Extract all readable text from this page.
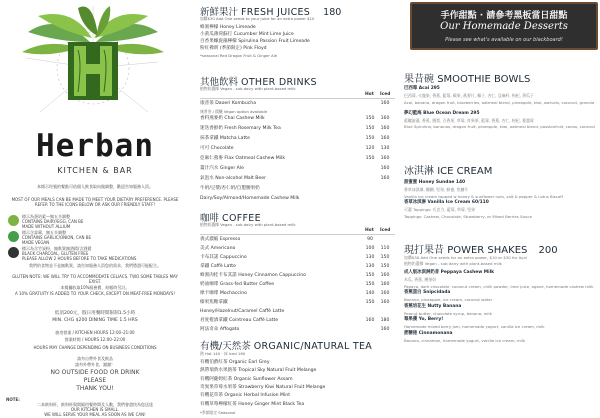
Herban
KITCHEN & BAR
本標示符號的餐點可依個人飲食取向做調整，歡迎告知服務人員。
MOST OF OUR MEALS CAN BE MADE TO MEET YOUR DIETARY PREFERENCE. PLEASE REFER TO THE ICONS BELOW OR ASK OUR FRIENDLY STAFF!
標示為蛋奶素—無五辛調整
CONTAINS DAIRY/EGG, CAN BE
MADE WITHOUT ALLIUM
標示含蒜葷，無五辛調整
CONTAINS GARLIC/ONION, CAN BE
MADE VEGAN
標示為含竹炭粉，無麩質無酒精/含酒精
BLACK CHARCOAL, GLUTEN FREE
PLEASE ALLOW 2 HOURS BEFORE TO TAKE MEDICATIONS
我們的食物並不是無麩質，請告知服務人員您的需求，我們將盡可能配合。
GLUTEN NOTE: WE WILL TRY TO ACCOMMODATE CELIACS. TWO SOME TABLES MAY EXIST.
本餐廳收取10%服務費，結帳時另計。
A 10% GRATUITY IS ADDED TO YOUR CHECK, EXCEPT ON MEAT-FREE MONDAYS!
低消200元，假日用餐時間限制1.5小時
MIN. CHG $200 DINING TIME 1.5 HRS
廚房營業 / KITCHEN HOURS 12:00–21:00
營業時間 / HOURS 12:00–22:00
HOURS MAY CHANGE DEPENDING ON BUSINESS CONDITIONS
請勿自帶外食及飲品
請勿外帶外食，謝謝！
NO OUTSIDE FOOD OR DRINK
PLEASE
THANK YOU!
NOTE:
二本飲料杯，飲料杯與間隔用餐時間及人數，我們會盡快為您送達
OUR KITCHEN IS SMALL.
WE WILL SERVE YOUR MEAL AS SOON AS WE CAN!
新鮮果汁 FRESH JUICES 180
加購$30 Add One seeds to your juice for an extra power $10
蜂蜜檸檬 Honey Limeade
小黃瓜薄荷蘇打 Cucumber Mint Lime Juice
百香果螺旋藻檸檬 Spirulina Passion Fruit Limeade
粉紅佛朗 (季節限定) Pink Floyd
*seasonal Red Dragon Fruit & Ginger Ale
其他飲料 OTHER DRINKS
植物奶選擇 Vegan - sub dairy with plant-based milk
Hot Iced
康普茶 Daoeri Kombucha	160
康普茶 / 精釀 Vegan option available
香料燕麥奶 Chai Cashew Milk	150	160
迷迭香鮮奶 Fresh Rosemary Milk Tea	150	160
抹茶拿鐵 Matcha Latte	150	160
可可 Chocolate	120	130
亞麻仁燕麥 Flax Oatmeal Cashew Milk	150	160
薑汁汽水 Ginger Ale	160
氣泡水 Non-alcohol Malt Beer	160
牛奶/豆漿/杏仁奶/自製腰果奶
Dairy/Soy/Almond/Homemade Cashew Milk
咖啡 COFFEE
植物奶選擇 Vegan - sub dairy with plant-based milk
Hot Iced
義式濃縮 Espresso	90
美式 Americano	100	110
卡布其諾 Cappuccino	130	150
拿鐵 Caffè Latte	130	150
蜂蜜肉桂卡布其諾 Honey Cinnamon Cappuccino	150	160
奶油咖啡 Grass-fed Butter Coffee	150	160
摩卡咖啡 Mochaccino	140	160
榛果焦糖拿鐵	150	160
Honey/Hazelnut/Caramel Caffè Latte
君度橙酒拿鐵 Cointreau Caffè Latte	160	180
阿法奇朵 Affogato	160
有機/天然茶 ORGANIC/NATURAL TEA
熱 Hot 140 · 冰 Iced 160
有機伯爵紅茶 Organic Earl Grey
熱帶瑞典水果熱茶 Tropical Sky Natural Fruit Melange
有機阿薩姆紅茶 Organic Sunflower Assam
奇異果草莓水果茶 Strawberry Kiwi Natural Fruit Melange
有機花草茶 Organic Herbal Infusion Mint
有機草莓檸檬紅茶 Honey Ginger Mint Black Tea
*季節限定 Seasonal
手作甜點 · 請參考黑板當日甜點
Our Homemade Desserts
Please see what's available on our blackboard!
果昔碗 SMOOTHIE BOWLS
巴西莓 Acai 295
巴西莓, 火龍果, 香蕉, 藍莓, 蘋果, 燕麥片, 椰子, 杏仁, 亞麻籽, 枸杞, 葵瓜子
Acai, banana, dragon fruit, blueberries, oatmeal blend, pineapple, kiwi, walnuts, coconut, granola
夢幻藍海 Blue Ocean Dream 295
藍螺旋藻, 香蕉, 鳳梨, 百香果, 草莓, 奇異果, 藍莓, 香蕉, 杏仁, 枸杞, 蔓越莓
Blue Spirulina, bananas, dragon fruit, pineapple, kiwi, oatmeal blend, passionfruit, cacao, coconut
冰淇淋 ICE CREAM
甜蜜蜜 Honey Sundae 140
香草冰淇淋, 楓糖, 堅果, 蜂蜜, 焦糖片
Vanilla ice cream topped w honey & sunflower nuts, salt & pepper & Lotus Biscoff
香草冰淇淋 Vanilla Ice Cream 60/110
可選 Toppings: 巧克力, 藍莓, 草莓, 堅果
Toppings: Cashew, Chocolate, Strawberry, or Mixed Berries Sauce
現打果昔 POWER SHAKES 200
加購$30 Add One seeds for an extra power, $10 or $30 for Açaí
植物奶選擇 Vegan - sub dairy with plant-based milk
成人版冰淇淋奶昔 Peppaya Cashew Milk
木瓜, 香蕉, 腰果奶
Papaya, dark chocolate, coconut cream, chilli powder, lime juice, agave, homemade cashew milk
香蕉蛋白 Snipcidada
Banana, pineapple, ice cream, coconut water
香蕉培花生 Nutty Banana
Peanut butter, chocolate syrup, banana, milk
莓果優 Yo, Berry!
Homemade mixed berry jam, homemade yogurt, vanilla ice cream, milk
蔗糖捲 Cinnamonana
Banana, cinnamon, homemade yogurt, vanilla ice cream, milk
